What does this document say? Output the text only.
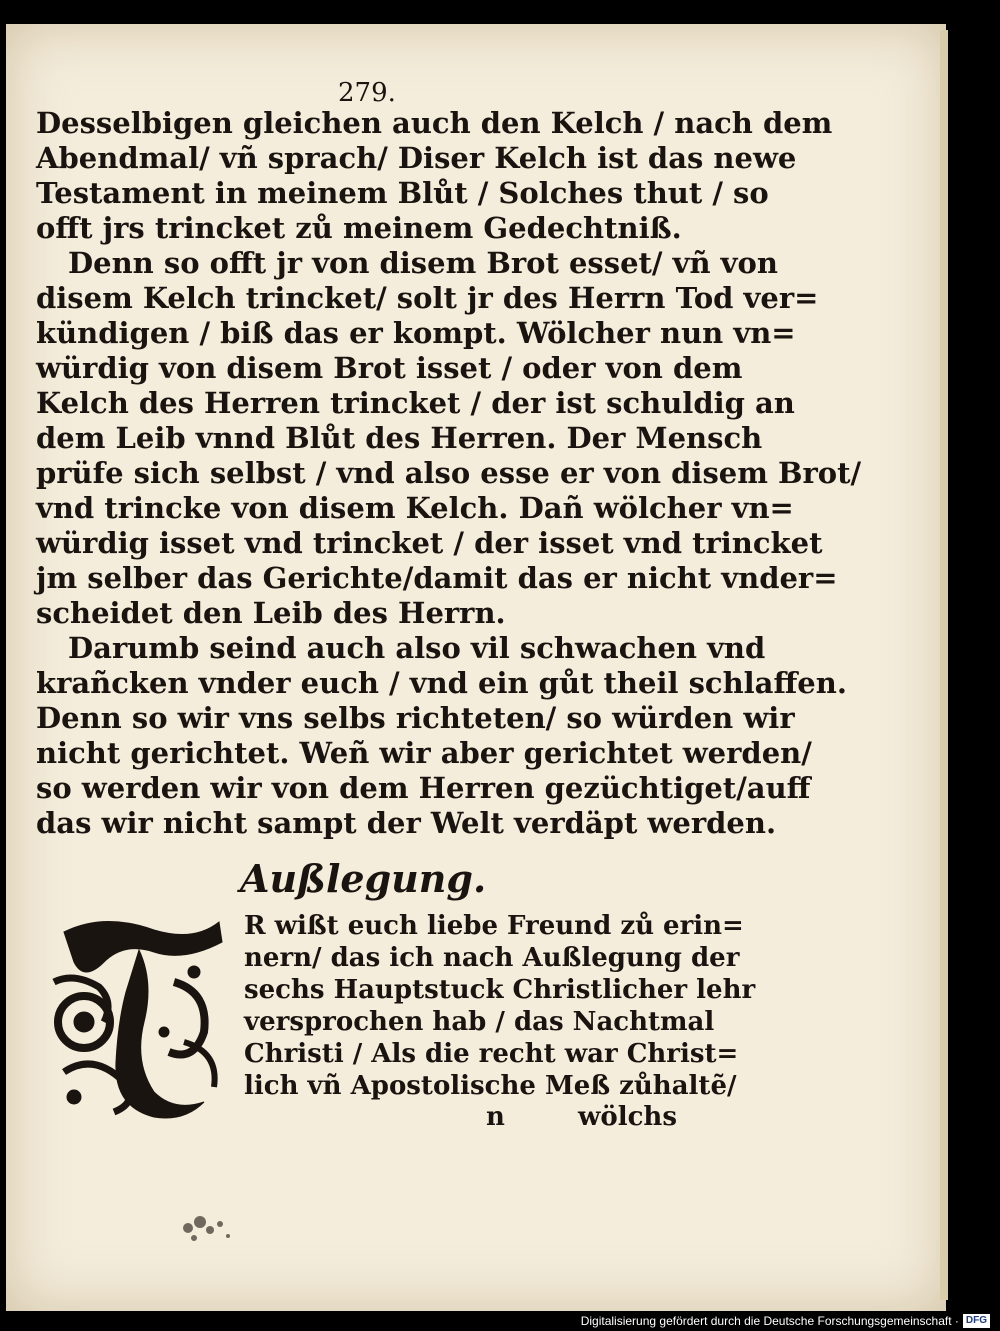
279.
Desselbigen gleichen auch den Kelch / nach dem
Abendmal/ vñ sprach/ Diser Kelch ist das newe
Testament in meinem Blůt / Solches thut / so
offt jrs trincket zů meinem Gedechtniß.
Denn so offt jr von disem Brot esset/ vñ von
disem Kelch trincket/ solt jr des Herrn Tod ver=
kündigen / biß das er kompt. Wölcher nun vn=
würdig von disem Brot isset / oder von dem
Kelch des Herren trincket / der ist schuldig an
dem Leib vnnd Blůt des Herren. Der Mensch
prüfe sich selbst / vnd also esse er von disem Brot/
vnd trincke von disem Kelch. Dañ wölcher vn=
würdig isset vnd trincket / der isset vnd trincket
jm selber das Gerichte/damit das er nicht vnder=
scheidet den Leib des Herrn.
Darumb seind auch also vil schwachen vnd
krañcken vnder euch / vnd ein gůt theil schlaffen.
Denn so wir vns selbs richteten/ so würden wir
nicht gerichtet. Weñ wir aber gerichtet werden/
so werden wir von dem Herren gezüchtiget/auff
das wir nicht sampt der Welt verdäpt werden.
Außlegung.
R wißt euch liebe Freund zů erin=
nern/ das ich nach Außlegung der
sechs Hauptstuck Christlicher lehr
versprochen hab / das Nachtmal
Christi / Als die recht war Christ=
lich vñ Apostolische Meß zůhaltẽ/
n	wölchs
Digitalisierung gefördert durch die Deutsche Forschungsgemeinschaft · DFG
